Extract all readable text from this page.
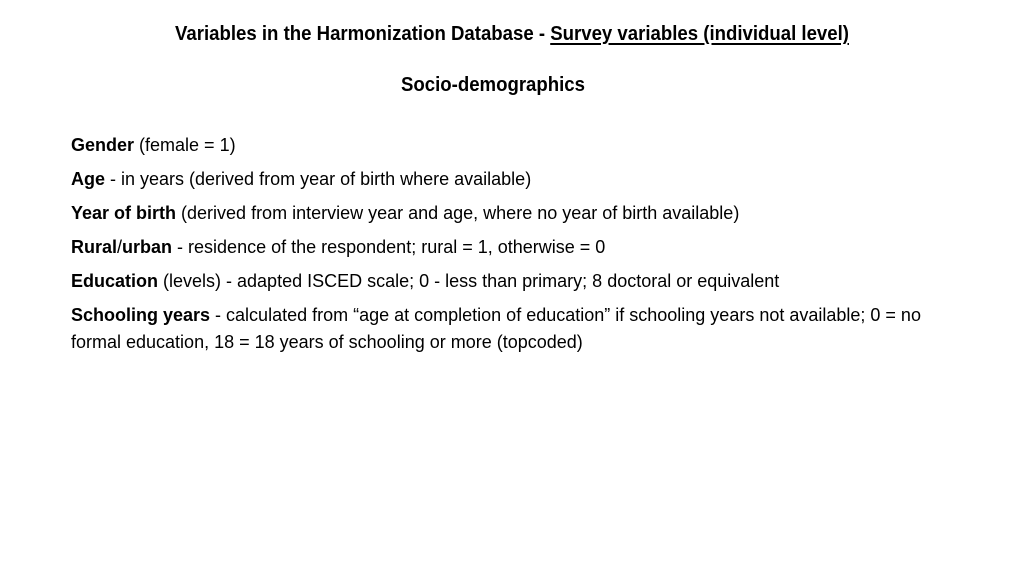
Variables in the Harmonization Database - Survey variables (individual level)
Socio-demographics
Gender (female = 1)
Age - in years (derived from year of birth where available)
Year of birth (derived from interview year and age, where no year of birth available)
Rural/urban - residence of the respondent; rural = 1, otherwise = 0
Education (levels) - adapted ISCED scale; 0 - less than primary; 8 doctoral or equivalent
Schooling years - calculated from “age at completion of education” if schooling years not available; 0 = no formal education, 18 = 18 years of schooling or more (topcoded)
